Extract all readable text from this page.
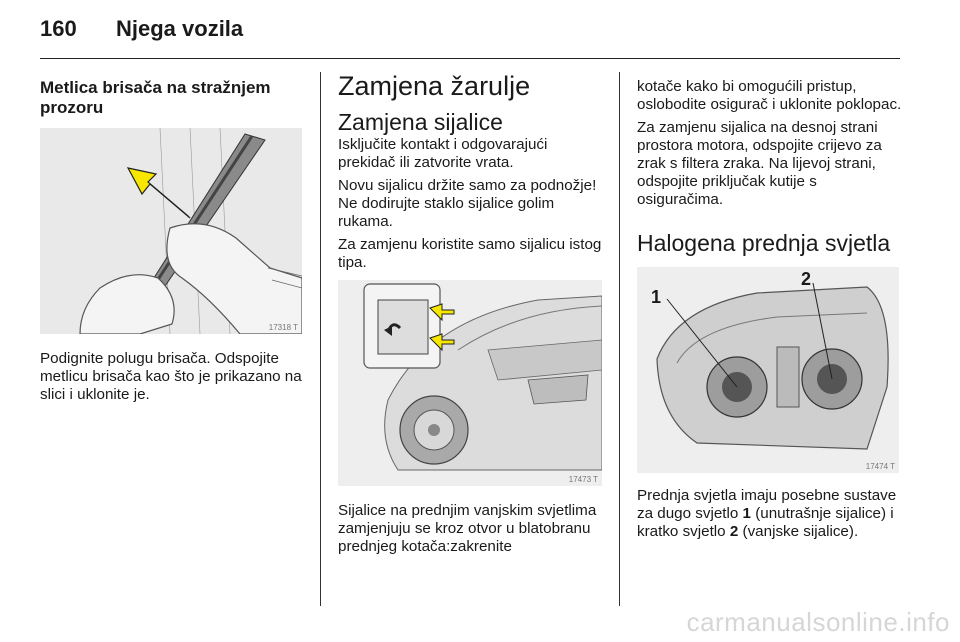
160 Njega vozila
Metlica brisača na stražnjem prozoru
17318 T

Podignite polugu brisača. Odspojite metlicu brisača kao što je prikazano na slici i uklonite je.

Zamjena žarulje
Zamjena sijalice

Isključite kontakt i odgovarajući prekidač ili zatvorite vrata.

Novu sijalicu držite samo za podnožje! Ne dodirujte staklo sijalice golim rukama.

Za zamjenu koristite samo sijalicu istog tipa.

17473 T

Sijalice na prednjim vanjskim svjetlima zamjenjuju se kroz otvor u blatobranu prednjeg kotača:zakrenite

kotače kako bi omogućili pristup, oslobodite osigurač i uklonite poklopac.

Za zamjenu sijalica na desnoj strani prostora motora, odspojite crijevo za zrak s filtera zraka. Na lijevoj strani, odspojite priključak kutije s osiguračima.

Halogena prednja svjetla
1
2
17474 T

Prednja svjetla imaju posebne sustave za dugo svjetlo 1 (unutrašnje sijalice) i kratko svjetlo 2 (vanjske sijalice).

carmanualsonline.info
